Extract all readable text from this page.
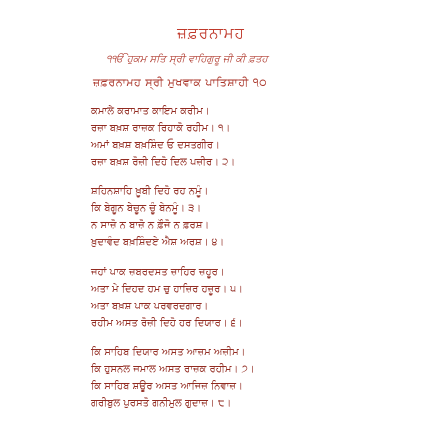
ਜ਼ਫ਼ਰਨਾਮਹ
੧ੴ ਹੁਕਮ ਸਤਿ ਸ੍ਰੀ ਵਾਹਿਗੁਰੂ ਜੀ ਕੀ ਫ਼ਤਹ
ਜ਼ਫ਼ਰਨਾਮਹ ਸ੍ਰੀ ਮੁਖਵਾਕ ਪਾਤਿਸ਼ਾਹੀ ੧੦
ਕਮਾਲੇ ਕਰਾਮਾਤ ਕਾਇਮ ਕਰੀਮ।
ਰਜ਼ਾ ਬਖ਼ਸ਼ ਰਾਜ਼ਕ ਰਿਹਾਕੋ ਰਹੀਮ। ੧।
ਅਮਾਂ ਬਖ਼ਸ਼ ਬਖ਼ਸ਼ਿੰਦ ਓ ਦਸਤਗੀਰ।
ਰਜ਼ਾ ਬਖ਼ਸ਼ ਰੋਜ਼ੀ ਦਿਹੋ ਦਿਲ ਪਜ਼ੀਰ। ੨।
ਸ਼ਹਿਨਸ਼ਾਹਿ ਖ਼ੂਬੀ ਦਿਹੋ ਰਹ ਨਮੂੰ।
ਕਿ ਬੇਗੂਨ ਬੇਚੂਨ ਚੂੰ ਬੇਨਮੂੰ। ੩।
ਨ ਸਾਜ਼ੋ ਨ ਬਾਜ਼ੋ ਨ ਫ਼ੌਜੋ ਨ ਫ਼ਰਸ਼।
ਖ਼ੁਦਾਵੰਦ ਬਖ਼ਸ਼ਿੰਦਏ ਐਸ਼ ਅਰਸ਼। ੪।
ਜਹਾਂ ਪਾਕ ਜ਼ਬਰਦਸਤ ਜ਼ਾਹਿਰ ਜ਼ਹੂਰ।
ਅਤਾ ਮੇ ਦਿਹਦ ਹਮ ਚੁ ਹਾਜ਼ਿਰ ਹਜ਼ੂਰ। ੫।
ਅਤਾ ਬਖ਼ਸ਼ ਪਾਕ ਪਰਵਰਦਗਾਰ।
ਰਹੀਮ ਅਸਤ ਰੋਜ਼ੀ ਦਿਹੋ ਹਰ ਦਿਯਾਰ। ੬।
ਕਿ ਸਾਹਿਬ ਦਿਯਾਰ ਅਸਤ ਆਜ਼ਮ ਅਜ਼ੀਮ।
ਕਿ ਹੁਸਨਲ ਜਮਾਲ ਅਸਤ ਰਾਜ਼ਕ ਰਹੀਮ। ੭।
ਕਿ ਸਾਹਿਬ ਸ਼ਊਰ ਅਸਤ ਆਜਿਜ਼ ਨਿਵਾਜ਼।
ਗਰੀਬੁਲ ਪੁਰਸਤੋ ਗਨੀਮੁਲ ਗੁਦਾਜ਼। ੮।
